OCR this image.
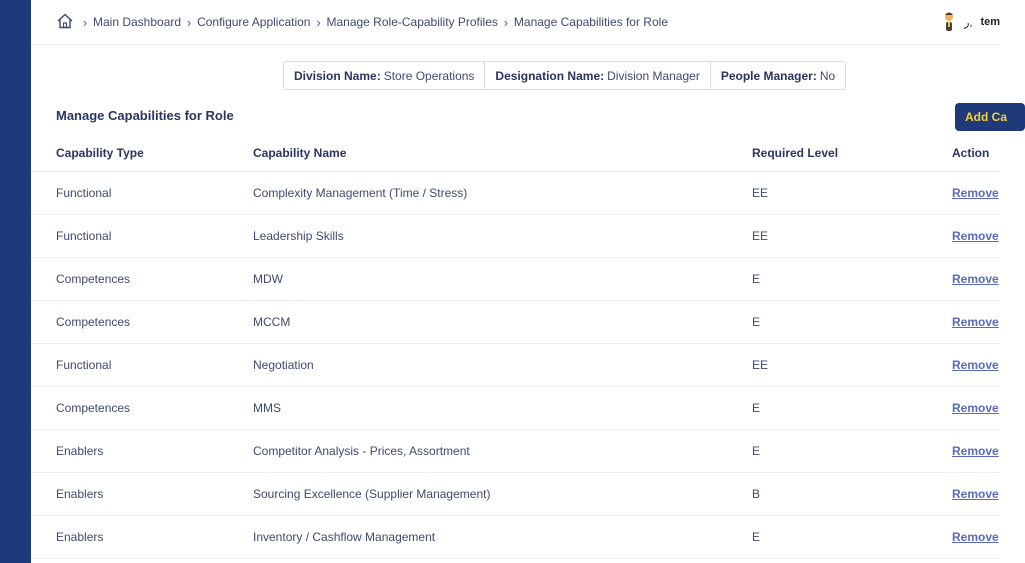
› Main Dashboard › Configure Application › Manage Role-Capability Profiles › Manage Capabilities for Role	ر, tem
Division Name: Store Operations Designation Name: Division Manager People Manager: No
Manage Capabilities for Role	Add Ca
Capability Type	Capability Name	Required Level	Action
Functional	Complexity Management (Time / Stress)	EE	Remove
Functional	Leadership Skills	EE	Remove
Competences	MDW	E	Remove
Competences	MCCM	E	Remove
Functional	Negotiation	EE	Remove
Competences	MMS	E	Remove
Enablers	Competitor Analysis - Prices, Assortment	E	Remove
Enablers	Sourcing Excellence (Supplier Management)	B	Remove
Enablers	Inventory / Cashflow Management	E	Remove
